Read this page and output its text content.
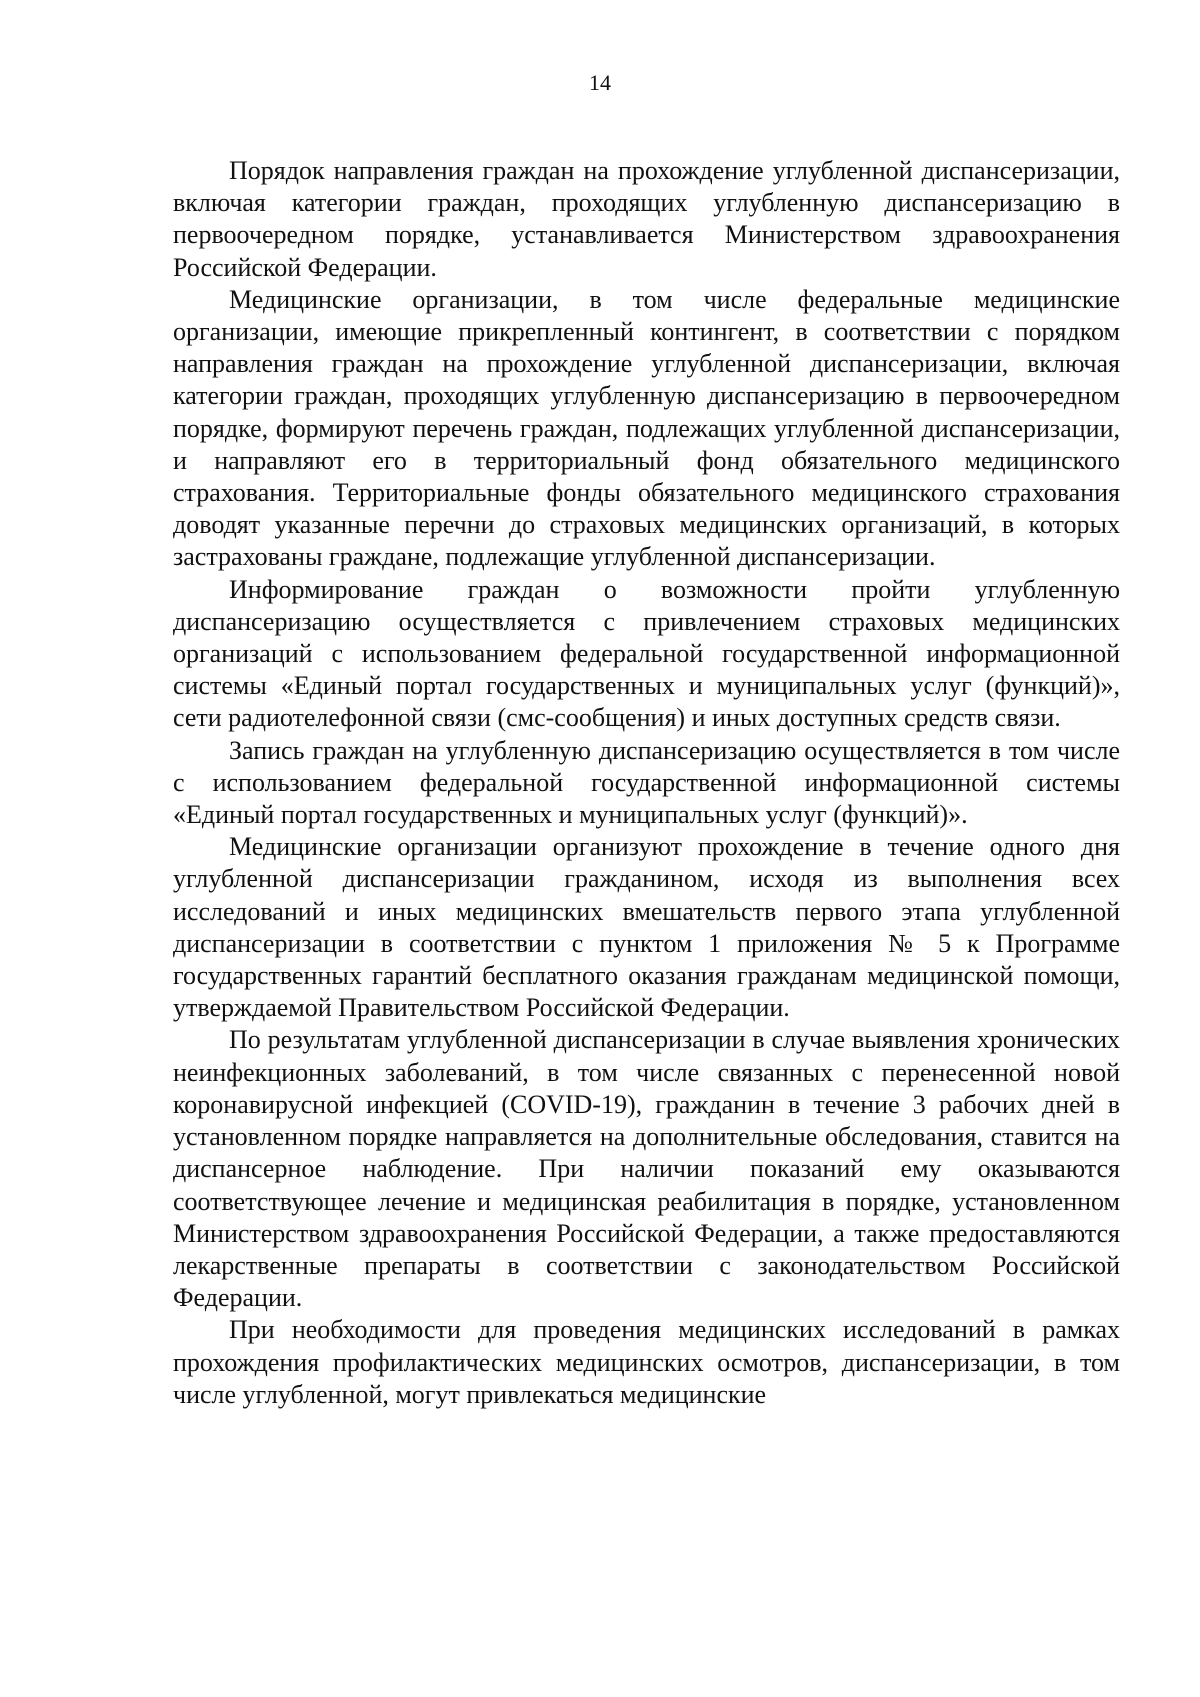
14

Порядок направления граждан на прохождение углубленной диспансеризации, включая категории граждан, проходящих углубленную диспансеризацию в первоочередном порядке, устанавливается Министерством здравоохранения Российской Федерации.

Медицинские организации, в том числе федеральные медицинские организации, имеющие прикрепленный контингент, в соответствии с порядком направления граждан на прохождение углубленной диспансеризации, включая категории граждан, проходящих углубленную диспансеризацию в первоочередном порядке, формируют перечень граждан, подлежащих углубленной диспансеризации, и направляют его в территориальный фонд обязательного медицинского страхования. Территориальные фонды обязательного медицинского страхования доводят указанные перечни до страховых медицинских организаций, в которых застрахованы граждане, подлежащие углубленной диспансеризации.

Информирование граждан о возможности пройти углубленную диспансеризацию осуществляется с привлечением страховых медицинских организаций с использованием федеральной государственной информационной системы «Единый портал государственных и муниципальных услуг (функций)», сети радиотелефонной связи (смс-сообщения) и иных доступных средств связи.

Запись граждан на углубленную диспансеризацию осуществляется в том числе с использованием федеральной государственной информационной системы «Единый портал государственных и муниципальных услуг (функций)».

Медицинские организации организуют прохождение в течение одного дня углубленной диспансеризации гражданином, исходя из выполнения всех исследований и иных медицинских вмешательств первого этапа углубленной диспансеризации в соответствии с пунктом 1 приложения № 5 к Программе государственных гарантий бесплатного оказания гражданам медицинской помощи, утверждаемой Правительством Российской Федерации.

По результатам углубленной диспансеризации в случае выявления хронических неинфекционных заболеваний, в том числе связанных с перенесенной новой коронавирусной инфекцией (COVID-19), гражданин в течение 3 рабочих дней в установленном порядке направляется на дополнительные обследования, ставится на диспансерное наблюдение. При наличии показаний ему оказываются соответствующее лечение и медицинская реабилитация в порядке, установленном Министерством здравоохранения Российской Федерации, а также предоставляются лекарственные препараты в соответствии с законодательством Российской Федерации.

При необходимости для проведения медицинских исследований в рамках прохождения профилактических медицинских осмотров, диспансеризации, в том числе углубленной, могут привлекаться медицинские
